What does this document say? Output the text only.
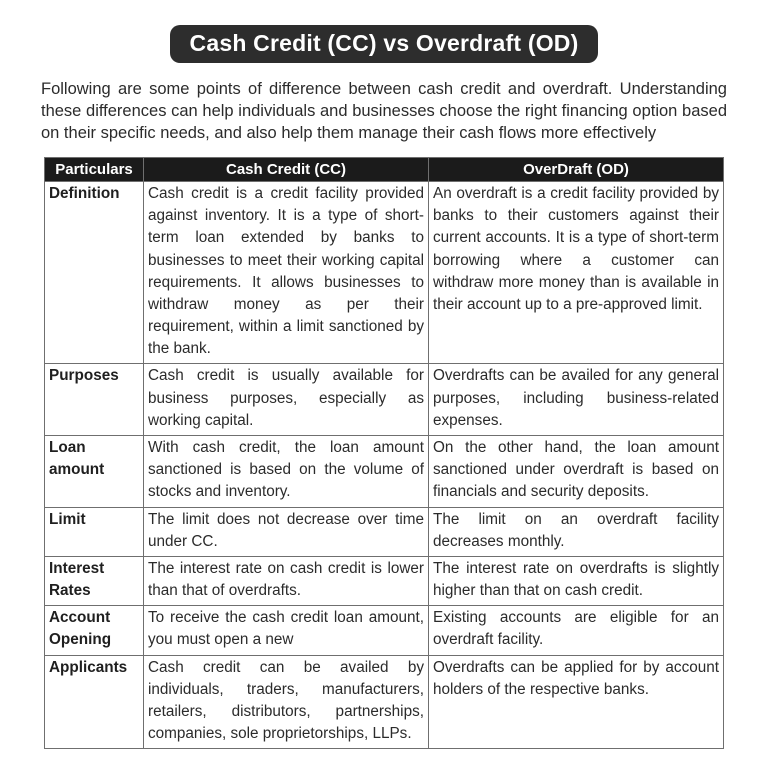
Cash Credit (CC) vs Overdraft (OD)

Following are some points of difference between cash credit and overdraft. Understanding these differences can help individuals and businesses choose the right financing option based on their specific needs, and also help them manage their cash flows more effectively

Particulars	Cash Credit (CC)	OverDraft (OD)
Definition	Cash credit is a credit facility provided against inventory. It is a type of short-term loan extended by banks to businesses to meet their working capital requirements. It allows businesses to withdraw money as per their requirement, within a limit sanctioned by the bank.	An overdraft is a credit facility provided by banks to their customers against their current accounts. It is a type of short-term borrowing where a customer can withdraw more money than is available in their account up to a pre-approved limit.
Purposes	Cash credit is usually available for business purposes, especially as working capital.	Overdrafts can be availed for any general purposes, including business-related expenses.
Loan amount	With cash credit, the loan amount sanctioned is based on the volume of stocks and inventory.	On the other hand, the loan amount sanctioned under overdraft is based on financials and security deposits.
Limit	The limit does not decrease over time under CC.	The limit on an overdraft facility decreases monthly.
Interest Rates	The interest rate on cash credit is lower than that of overdrafts.	The interest rate on overdrafts is slightly higher than that on cash credit.
Account Opening	To receive the cash credit loan amount, you must open a new	Existing accounts are eligible for an overdraft facility.
Applicants	Cash credit can be availed by individuals, traders, manufacturers, retailers, distributors, partnerships, companies, sole proprietorships, LLPs.	Overdrafts can be applied for by account holders of the respective banks.
